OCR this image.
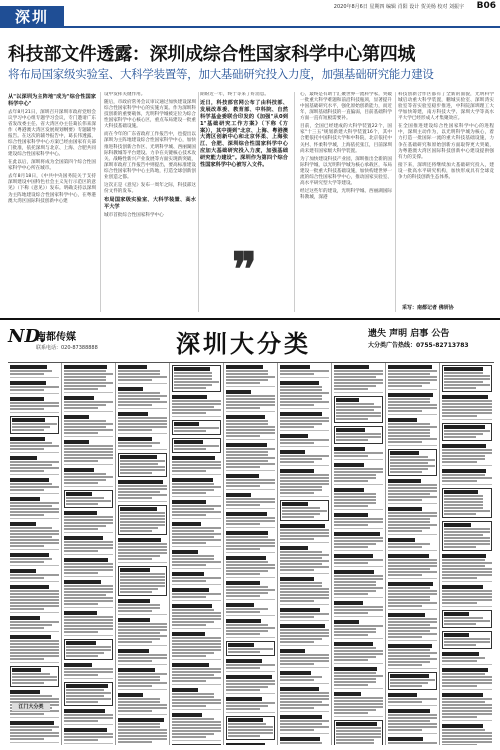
深圳
2020年8月6日 星期四 编辑 肖阳 设计 贺美杨 校对 刘振宇 B06
科技部文件透露：深圳成综合性国家科学中心第四城
将布局国家级实验室、大科学装置等，加大基础研究投入力度，加强基础研究能力建设

从"以深圳为主阵地"成为"综合性国家科学中心"

去年8月21日，深圳召开深圳市政府党组会议学习中心组专题学习会议，专门邀请广东省发改委主任、省大湾区办主任葛长伟来深作《粤港澳大湾区发展规划纲要》专题辅导报告。在这次的辅导报告中，葛长伟透露，综合性国家科学中心方案已经由国家有关部门批准，依托深圳与北京、上海、合肥共同建设综合性国家科学中心。

在此以后，深圳将成为全国第四个综合性国家科学中心所在城市。

去年8月18日，《中共中央国务院关于支持深圳建设中国特色社会主义先行示范区的意见》（下称《意见》）发布。明确支持以深圳为主阵地建设综合性国家科学中心，在粤港澳大湾区国际科技创新中心建

设中发挥关键作用。

随后，市政府常务会议审议通过加快建设深圳综合性国家科学中心的实施方案。作为深圳科技创新的重要载体，光明科学城被定位为综合性国家科学中心核心区，重点布局建设一批重大科技基础设施。

而在今年的广东省政府工作报告中，也提出以深圳为主阵地建设综合性国家科学中心，加快推进科技创新合作区、光明科学城、西丽湖国际科教城等平台建设。力争在关键核心技术攻关、战略性新兴产业发展等方面实现新突破，深圳市政府工作报告中则提出，要高标准建设综合性国家科学中心主阵地，打造全球创新创业创造之都。

这次正是《意见》发布一周年之际，科技部这份文件的发布。

布局国家级实验室、大科学装置、高水平大学

城市首批综合性国家科学中心

期盼近一年，终于等来了好消息。

近日，科技部官网公布了由科技部、发展改革委、教育部、中科院、自然科学基金委联合印发的《加强"从0到1"基础研究工作方案》（下称《方案》），其中提到"北京、上海、粤港澳大湾区创新中心和北京怀柔、上海张江、合肥、深圳综合性国家科学中心应加大基础研究投入力度，加强基础研究能力建设"。深圳作为第四个综合性国家科学中心被写入文件。

❞

心，最终是有助于汇聚世界一流科学家，突破一批重大科学难题和前沿科技瓶颈，显著提升中国基础研究水平，强化原始创新能力，而近年，深圳基础科技的一直偏弱，目前基础科学方面一直有短板需要补。

目前，全国已经建成的大科学装置22个，国家"十三五"规划新建大科学装置16个，其中合肥依托中国科技大学和中科院，北京依托中关村、怀柔科学城，上海依托张江，目前深圳尚未建有国家级大科学装置。

为了加快建设科技产业园，深圳推出全新的国际科学城，以光明科学城为核心承载区，布局建设一批重大科技基础设施，加快构建世界一流的综合性国家科学中心，推动国家实验室、高水平研究型大学等建设。

经过这些年的建设，光明科学城、西丽湖国际科教城，深港

科技创新合作区都有了全新的面貌，光明科学城启动重大科学装置，鹏城实验室、深圳湾实验室等省实验室稳步推进，中科院深圳理工大学加快筹建，南方科技大学、深圳大学等高水平大学已经形成人才集聚效应。

在全国推进建设综合性国家科学中心的进程中，深圳主动作为，以光明科学城为核心，着力打造一批国际一流的重大科技基础设施，力争在基础研究和原始创新方面取得更大突破，为粤港澳大湾区国际科技创新中心建设提供强有力的支撑。

接下来，深圳还将继续加大基础研究投入，建设一批高水平研究机构，加快形成具有全球竞争力的科技创新生态体系。

采写：南都记者 佛妍协
ND.
南都传媒
联系电话：020-87388888	深圳大分类	遗失 声明 启事 公告
大分类广告热线：0755-82713783
江门大分类
